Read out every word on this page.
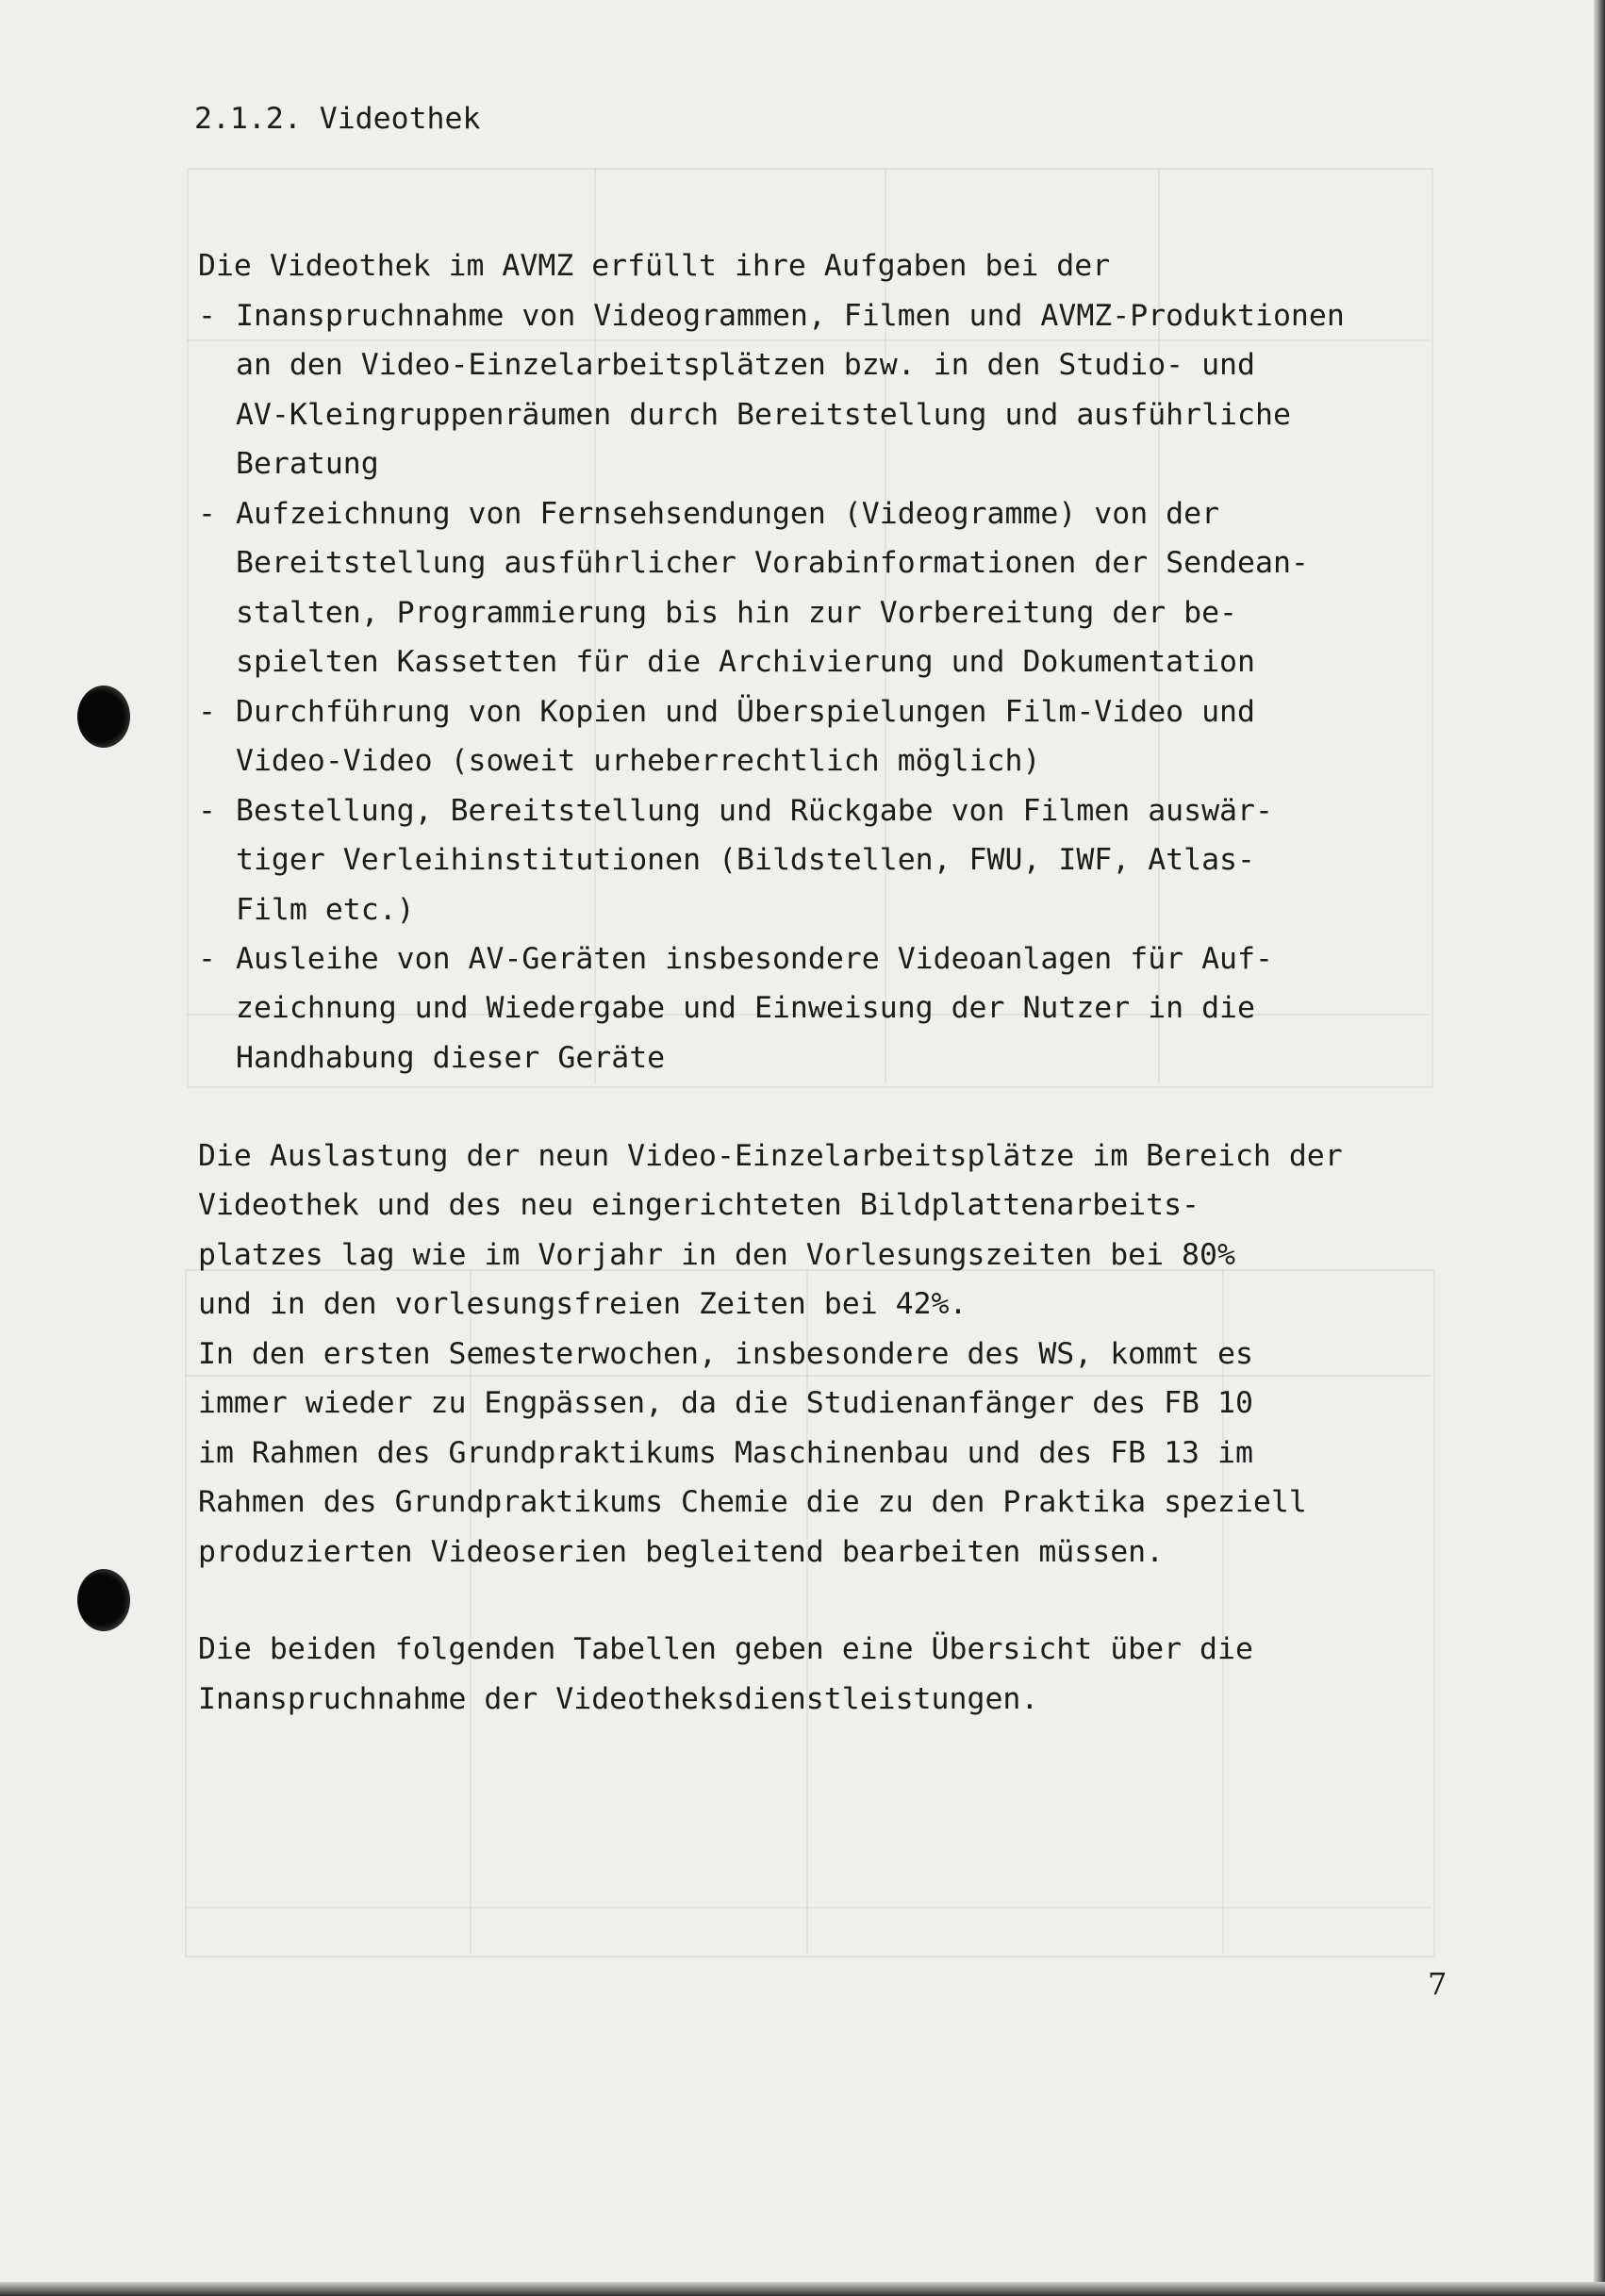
2.1.2. Videothek
Die Videothek im AVMZ erfüllt ihre Aufgaben bei der
- Inanspruchnahme von Videogrammen, Filmen und AVMZ-Produktionen
an den Video-Einzelarbeitsplätzen bzw. in den Studio- und
AV-Kleingruppenräumen durch Bereitstellung und ausführliche
Beratung
- Aufzeichnung von Fernsehsendungen (Videogramme) von der
Bereitstellung ausführlicher Vorabinformationen der Sendean-
stalten, Programmierung bis hin zur Vorbereitung der be-
spielten Kassetten für die Archivierung und Dokumentation
- Durchführung von Kopien und Überspielungen Film-Video und
Video-Video (soweit urheberrechtlich möglich)
- Bestellung, Bereitstellung und Rückgabe von Filmen auswär-
tiger Verleihinstitutionen (Bildstellen, FWU, IWF, Atlas-
Film etc.)
- Ausleihe von AV-Geräten insbesondere Videoanlagen für Auf-
zeichnung und Wiedergabe und Einweisung der Nutzer in die
Handhabung dieser Geräte
Die Auslastung der neun Video-Einzelarbeitsplätze im Bereich der
Videothek und des neu eingerichteten Bildplattenarbeits-
platzes lag wie im Vorjahr in den Vorlesungszeiten bei 80%
und in den vorlesungsfreien Zeiten bei 42%.
In den ersten Semesterwochen, insbesondere des WS, kommt es
immer wieder zu Engpässen, da die Studienanfänger des FB 10
im Rahmen des Grundpraktikums Maschinenbau und des FB 13 im
Rahmen des Grundpraktikums Chemie die zu den Praktika speziell
produzierten Videoserien begleitend bearbeiten müssen.
Die beiden folgenden Tabellen geben eine Übersicht über die
Inanspruchnahme der Videotheksdienstleistungen.
7
